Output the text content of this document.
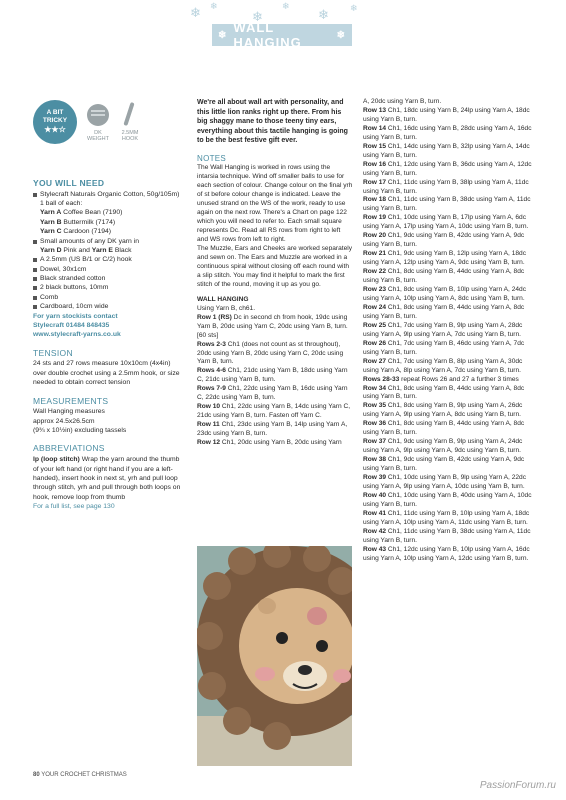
❄ ❄
❄
❄
❄ ❄
❄ WALL HANGING	❄
A BIT
TRICKY
★★☆	DK
WEIGHT
2.5MM
HOOK
YOU WILL NEED
Stylecraft Naturals Organic Cotton, 50g/105m)
1 ball of each:
Yarn A Coffee Bean (7190)
Yarn B Buttermilk (7174)
Yarn C Cardoon (7194)
Small amounts of any DK yarn in
Yarn D Pink and Yarn E Black
A 2.5mm (US B/1 or C/2) hook
Dowel, 30x1cm
Black stranded cotton
2 black buttons, 10mm
Comb
Cardboard, 10cm wide
For yarn stockists contact
Stylecraft 01484 848435
www.stylecraft-yarns.co.uk
TENSION
24 sts and 27 rows measure 10x10cm (4x4in) over double crochet using a 2.5mm hook, or size needed to obtain correct tension
MEASUREMENTS
Wall Hanging measures
approx 24.5x26.5cm
(9¾ x 10½in) excluding tassels
ABBREVIATIONS
lp (loop stitch) Wrap the yarn around the thumb of your left hand (or right hand if you are a left-handed), insert hook in next st, yrh and pull loop through stitch, yrh and pull through both loops on hook, remove loop from thumb
For a full list, see page 130
We're all about wall art with personality, and this little lion ranks right up there. From his big shaggy mane to those teeny tiny ears, everything about this tactile hanging is going to be the best festive gift ever.
NOTES
The Wall Hanging is worked in rows using the intarsia technique. Wind off smaller balls to use for each section of colour. Change colour on the final yrh of st before colour change is indicated. Leave the unused strand on the WS of the work, ready to use again on the next row. There's a Chart on page 122 which you will need to refer to. Each small square represents Dc. Read all RS rows from right to left and WS rows from left to right.
The Muzzle, Ears and Cheeks are worked separately and sewn on. The Ears and Muzzle are worked in a continuous spiral without closing off each round with a slip stitch. You may find it helpful to mark the first stitch of the round, moving it up as you go.
WALL HANGING
Using Yarn B, ch61.
Row 1 (RS) Dc in second ch from hook, 19dc using Yarn B, 20dc using Yarn C, 20dc using Yarn B, turn. [60 sts]
Rows 2-3 Ch1 (does not count as st throughout), 20dc using Yarn B, 20dc using Yarn C, 20dc using Yarn B, turn.
Rows 4-6 Ch1, 21dc using Yarn B, 18dc using Yarn C, 21dc using Yarn B, turn.
Rows 7-9 Ch1, 22dc using Yarn B, 16dc using Yarn C, 22dc using Yarn B, turn.
Row 10 Ch1, 22dc using Yarn B, 14dc using Yarn C, 21dc using Yarn B, turn. Fasten off Yarn C.
Row 11 Ch1, 23dc using Yarn B, 14lp using Yarn A, 23dc using Yarn B, turn.
Row 12 Ch1, 20dc using Yarn B, 20dc using Yarn
A, 20dc using Yarn B, turn.
Row 13 Ch1, 18dc using Yarn B, 24lp using Yarn A, 18dc using Yarn B, turn.
Row 14 Ch1, 16dc using Yarn B, 28dc using Yarn A, 16dc using Yarn B, turn.
Row 15 Ch1, 14dc using Yarn B, 32lp using Yarn A, 14dc using Yarn B, turn.
Row 16 Ch1, 12dc using Yarn B, 36dc using Yarn A, 12dc using Yarn B, turn.
Row 17 Ch1, 11dc using Yarn B, 38lp using Yarn A, 11dc using Yarn B, turn.
Row 18 Ch1, 11dc using Yarn B, 38dc using Yarn A, 11dc using Yarn B, turn.
Row 19 Ch1, 10dc using Yarn B, 17lp using Yarn A, 6dc using Yarn A, 17lp using Yarn A, 10dc using Yarn B, turn.
Row 20 Ch1, 9dc using Yarn B, 42dc using Yarn A, 9dc using Yarn B, turn.
Row 21 Ch1, 9dc using Yarn B, 12lp using Yarn A, 18dc using Yarn A, 12lp using Yarn A, 9dc using Yarn B, turn.
Row 22 Ch1, 8dc using Yarn B, 44dc using Yarn A, 8dc using Yarn B, turn.
Row 23 Ch1, 8dc using Yarn B, 10lp using Yarn A, 24dc using Yarn A, 10lp using Yarn A, 8dc using Yarn B, turn.
Row 24 Ch1, 8dc using Yarn B, 44dc using Yarn A, 8dc using Yarn B, turn.
Row 25 Ch1, 7dc using Yarn B, 9lp using Yarn A, 28dc using Yarn A, 9lp using Yarn A, 7dc using Yarn B, turn.
Row 26 Ch1, 7dc using Yarn B, 46dc using Yarn A, 7dc using Yarn B, turn.
Row 27 Ch1, 7dc using Yarn B, 8lp using Yarn A, 30dc using Yarn A, 8lp using Yarn A, 7dc using Yarn B, turn.
Rows 28-33 repeat Rows 26 and 27 a further 3 times
Row 34 Ch1, 8dc using Yarn B, 44dc using Yarn A, 8dc using Yarn B, turn.
Row 35 Ch1, 8dc using Yarn B, 9lp using Yarn A, 26dc using Yarn A, 9lp using Yarn A, 8dc using Yarn B, turn.
Row 36 Ch1, 8dc using Yarn B, 44dc using Yarn A, 8dc using Yarn B, turn.
Row 37 Ch1, 9dc using Yarn B, 9lp using Yarn A, 24dc using Yarn A, 9lp using Yarn A, 9dc using Yarn B, turn.
Row 38 Ch1, 9dc using Yarn B, 42dc using Yarn A, 9dc using Yarn B, turn.
Row 39 Ch1, 10dc using Yarn B, 9lp using Yarn A, 22dc using Yarn A, 9lp using Yarn A, 10dc using Yarn B, turn.
Row 40 Ch1, 10dc using Yarn B, 40dc using Yarn A, 10dc using Yarn B, turn.
Row 41 Ch1, 11dc using Yarn B, 10lp using Yarn A, 18dc using Yarn A, 10lp using Yarn A, 11dc using Yarn B, turn.
Row 42 Ch1, 11dc using Yarn B, 38dc using Yarn A, 11dc using Yarn B, turn.
Row 43 Ch1, 12dc using Yarn B, 10lp using Yarn A, 16dc using Yarn A, 10lp using Yarn A, 12dc using Yarn B, turn.
80 YOUR CROCHET CHRISTMAS
PassionForum.ru
